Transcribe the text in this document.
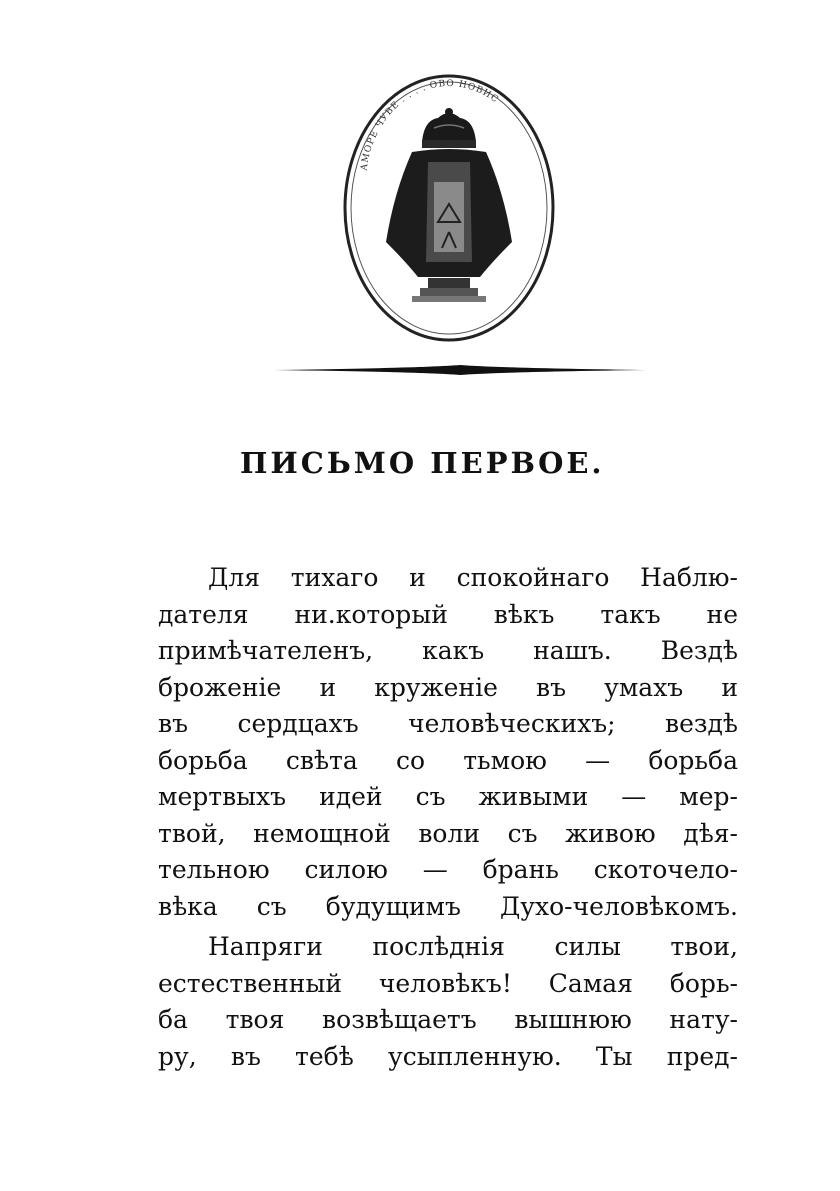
АМОРЕ ЧУВЕ . . . . ОВО НОВИС
ПИСЬМО ПЕРВОЕ.
Для тихаго и спокойнаго Наблю-
дателя ни.который вѣкъ такъ не
примѣчателенъ, какъ нашъ. Вездѣ
броженіе и круженіе въ умахъ и
въ сердцахъ человѣческихъ; вездѣ
борьба свѣта со тьмою — борьба
мертвыхъ идей съ живыми — мер-
твой, немощной воли съ живою дѣя-
тельною силою — брань скоточело-
вѣка съ будущимъ Духо-человѣкомъ.
Напряги послѣднія силы твои,
естественный человѣкъ! Самая борь-
ба твоя возвѣщаетъ вышнюю нату-
ру, въ тебѣ усыпленную. Ты пред-
